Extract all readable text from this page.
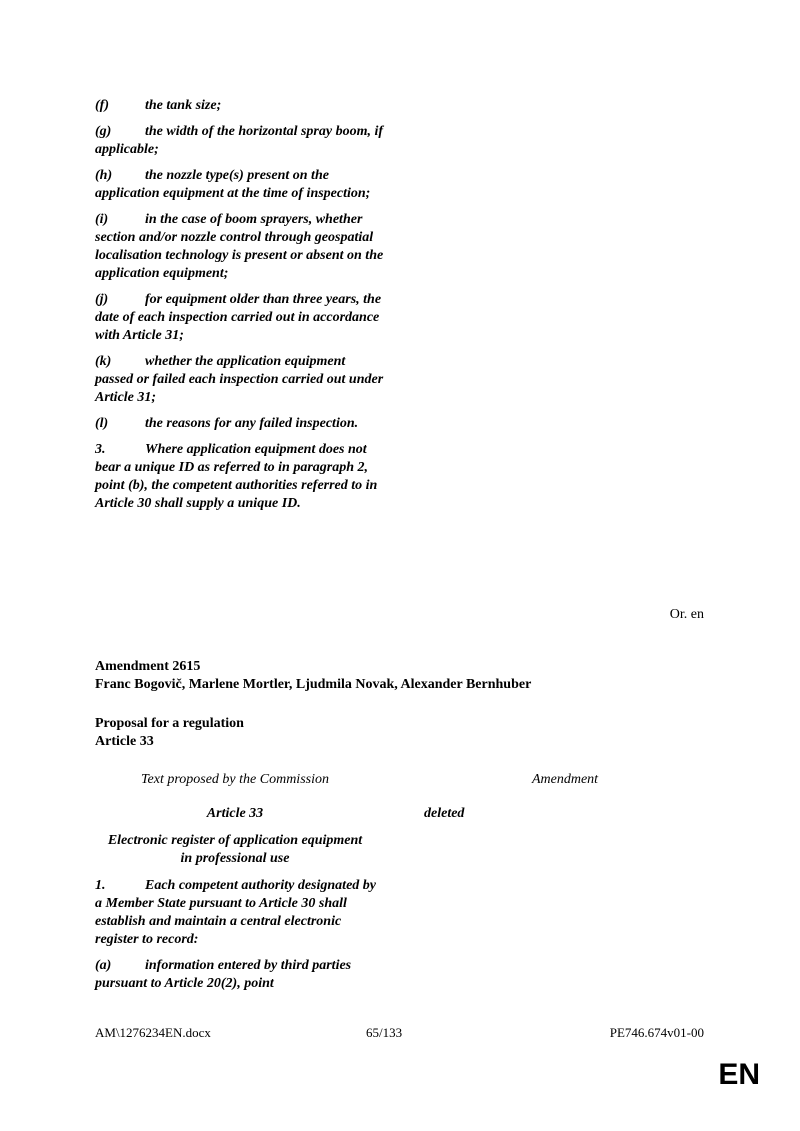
(f)	the tank size;

(g) the width of the horizontal spray boom, if applicable;

(h) the nozzle type(s) present on the application equipment at the time of inspection;

(i)	in the case of boom sprayers, whether section and/or nozzle control through geospatial localisation technology is present or absent on the application equipment;

(j)	for equipment older than three years, the date of each inspection carried out in accordance with Article 31;

(k) whether the application equipment passed or failed each inspection carried out under Article 31;

(l)	the reasons for any failed inspection.

3.	Where application equipment does not bear a unique ID as referred to in paragraph 2, point (b), the competent authorities referred to in Article 30 shall supply a unique ID.

Or. en
Amendment 2615
Franc Bogovič, Marlene Mortler, Ljudmila Novak, Alexander Bernhuber
Proposal for a regulation
Article 33
Text proposed by the Commission	Amendment
Article 33	deleted
Electronic register of application equipment in professional use

1.	Each competent authority designated by a Member State pursuant to Article 30 shall establish and maintain a central electronic register to record:

(a) information entered by third parties pursuant to Article 20(2), point

AM\1276234EN.docx	65/133	PE746.674v01-00
EN
